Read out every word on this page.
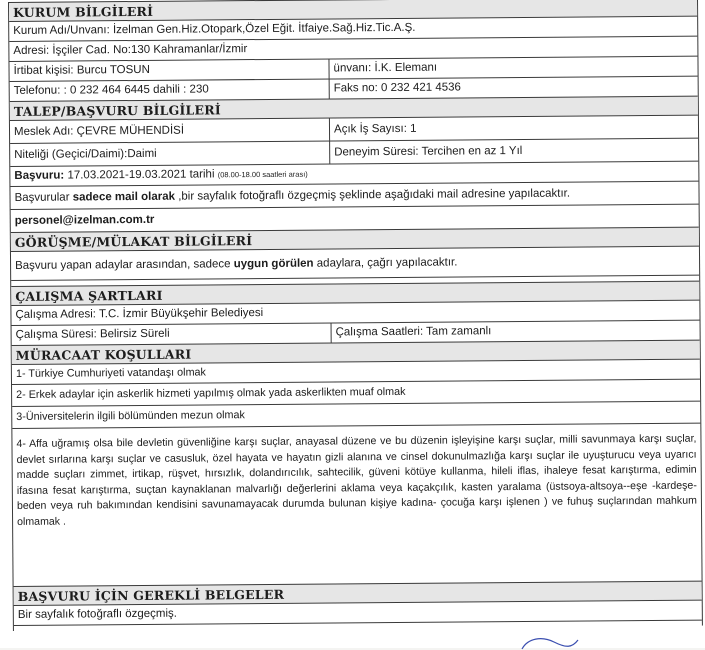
KURUM BİLGİLERİ
Kurum Adı/Unvanı: İzelman Gen.Hiz.Otopark,Özel Eğit. İtfaiye.Sağ.Hiz.Tic.A.Ş.
Adresi: İşçiler Cad. No:130 Kahramanlar/İzmir
İrtibat kişisi: Burcu TOSUN	ünvanı: İ.K. Elemanı
Telefonu: : 0 232 464 6445 dahili : 230	Faks no: 0 232 421 4536
TALEP/BAŞVURU BİLGİLERİ
Meslek Adı: ÇEVRE MÜHENDİSİ	Açık İş Sayısı: 1
Niteliği (Geçici/Daimi):Daimi	Deneyim Süresi: Tercihen en az 1 Yıl
Başvuru: 17.03.2021-19.03.2021 tarihi (08.00-18.00 saatleri arası)
Başvurular sadece mail olarak ,bir sayfalık fotoğraflı özgeçmiş şeklinde aşağıdaki mail adresine yapılacaktır.
personel@izelman.com.tr
GÖRÜŞME/MÜLAKAT BİLGİLERİ
Başvuru yapan adaylar arasından, sadece uygun görülen adaylara, çağrı yapılacaktır.
ÇALIŞMA ŞARTLARI
Çalışma Adresi: T.C. İzmir Büyükşehir Belediyesi
Çalışma Süresi: Belirsiz Süreli	Çalışma Saatleri: Tam zamanlı
MÜRACAAT KOŞULLARI
1- Türkiye Cumhuriyeti vatandaşı olmak
2- Erkek adaylar için askerlik hizmeti yapılmış olmak yada askerlikten muaf olmak
3-Üniversitelerin ilgili bölümünden mezun olmak
4- Affa uğramış olsa bile devletin güvenliğine karşı suçlar, anayasal düzene ve bu düzenin işleyişine karşı suçlar, milli savunmaya karşı suçlar, devlet sırlarına karşı suçlar ve casusluk, özel hayata ve hayatın gizli alanına ve cinsel dokunulmazlığa karşı suçlar ile uyuşturucu veya uyarıcı madde suçları zimmet, irtikap, rüşvet, hırsızlık, dolandırıcılık, sahtecilik, güveni kötüye kullanma, hileli iflas, ihaleye fesat karıştırma, edimin ifasına fesat karıştırma, suçtan kaynaklanan malvarlığı değerlerini aklama veya kaçakçılık, kasten yaralama (üstsoya-altsoya--eşe -kardeşe-beden veya ruh bakımından kendisini savunamayacak durumda bulunan kişiye kadına- çocuğa karşı işlenen ) ve fuhuş suçlarından mahkum olmamak .
BAŞVURU İÇİN GEREKLİ BELGELER
Bir sayfalık fotoğraflı özgeçmiş.
